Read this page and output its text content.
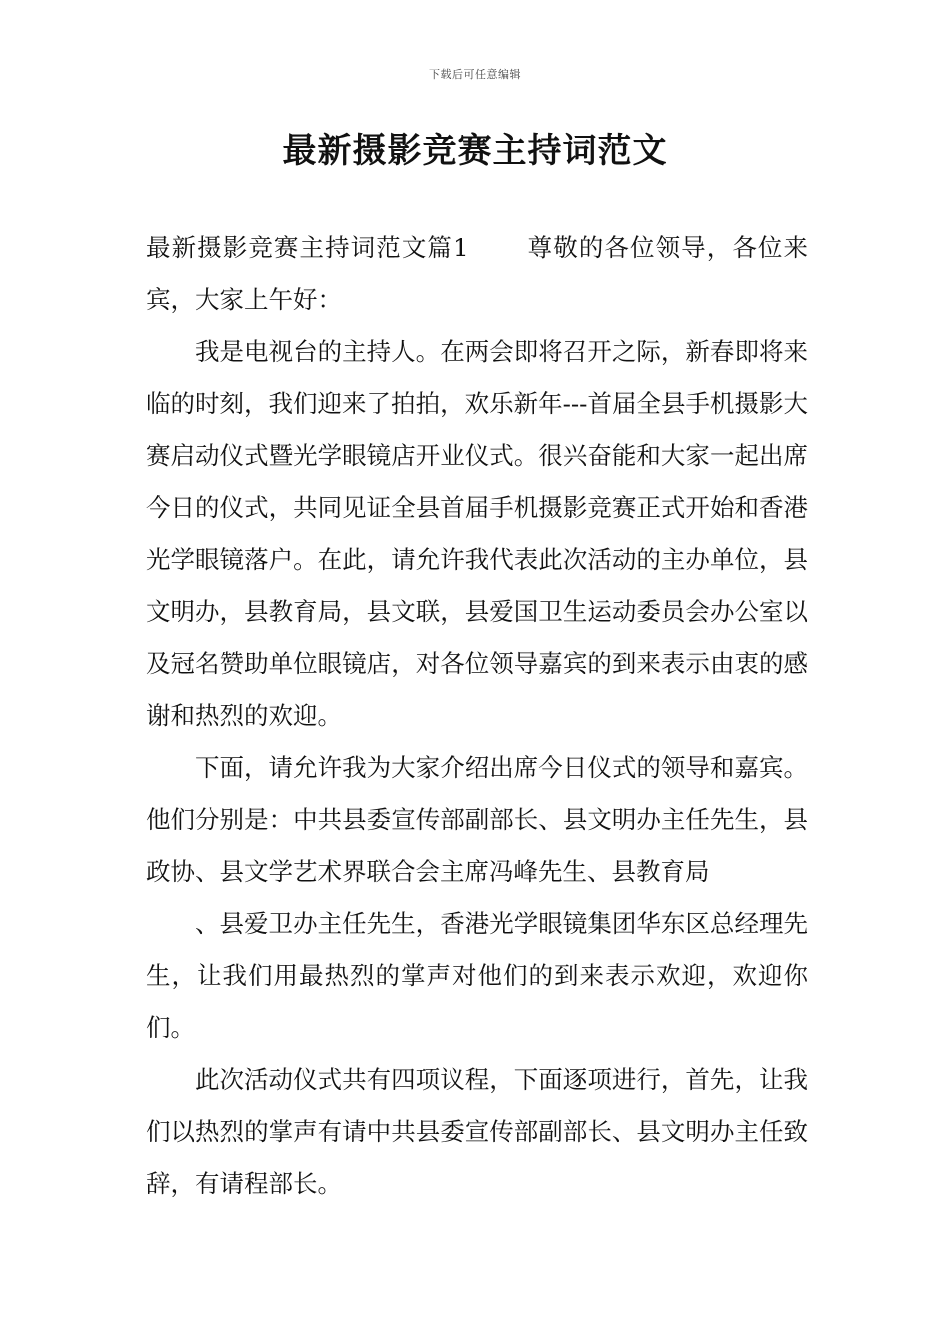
下载后可任意编辑
最新摄影竞赛主持词范文

最新摄影竞赛主持词范文篇1 尊敬的各位领导，各位来宾，大家上午好：

我是电视台的主持人。在两会即将召开之际，新春即将来临的时刻，我们迎来了拍拍，欢乐新年---首届全县手机摄影大赛启动仪式暨光学眼镜店开业仪式。很兴奋能和大家一起出席今日的仪式，共同见证全县首届手机摄影竞赛正式开始和香港光学眼镜落户。在此，请允许我代表此次活动的主办单位，县文明办，县教育局，县文联，县爱国卫生运动委员会办公室以及冠名赞助单位眼镜店，对各位领导嘉宾的到来表示由衷的感谢和热烈的欢迎。

下面，请允许我为大家介绍出席今日仪式的领导和嘉宾。他们分别是：中共县委宣传部副部长、县文明办主任先生，县政协、县文学艺术界联合会主席冯峰先生、县教育局

、县爱卫办主任先生，香港光学眼镜集团华东区总经理先生，让我们用最热烈的掌声对他们的到来表示欢迎，欢迎你们。

此次活动仪式共有四项议程，下面逐项进行，首先，让我们以热烈的掌声有请中共县委宣传部副部长、县文明办主任致辞，有请程部长。
